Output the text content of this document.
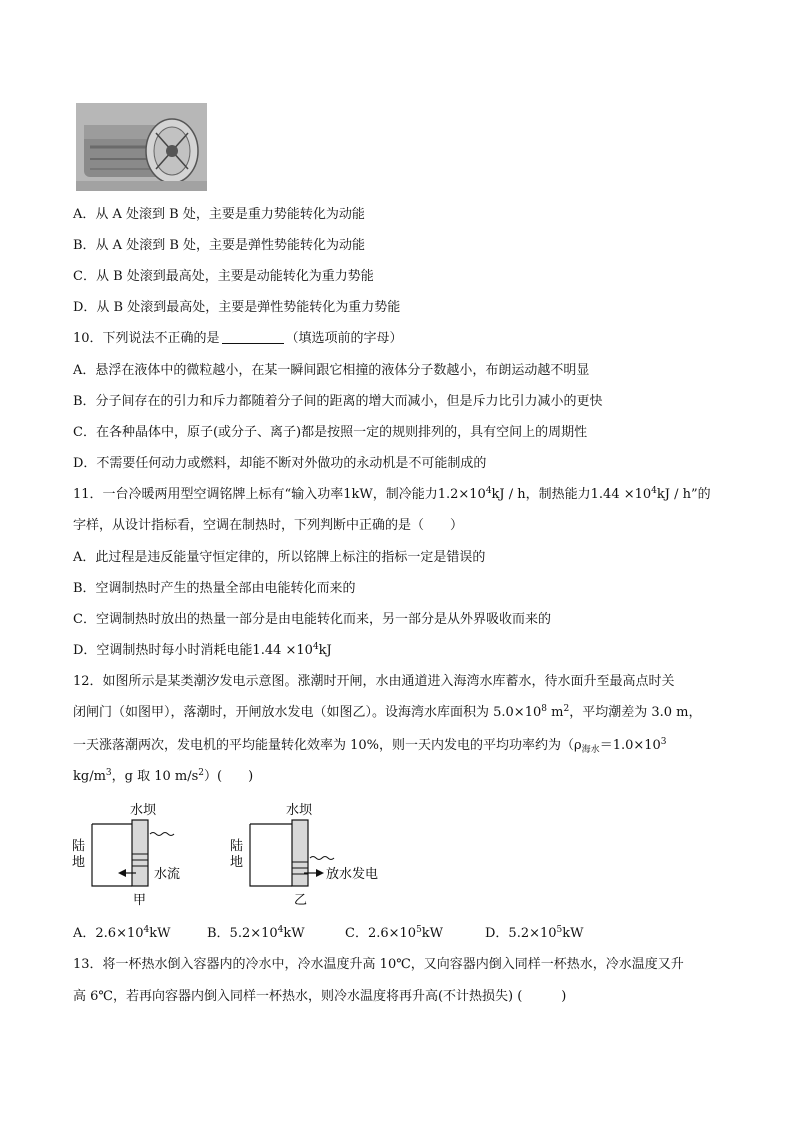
A．从 A 处滚到 B 处，主要是重力势能转化为动能
B．从 A 处滚到 B 处，主要是弹性势能转化为动能
C．从 B 处滚到最高处，主要是动能转化为重力势能
D．从 B 处滚到最高处，主要是弹性势能转化为重力势能
10．下列说法不正确的是	（填选项前的字母）
A．悬浮在液体中的微粒越小，在某一瞬间跟它相撞的液体分子数越小，布朗运动越不明显
B．分子间存在的引力和斥力都随着分子间的距离的增大而减小，但是斥力比引力减小的更快
C．在各种晶体中，原子(或分子、离子)都是按照一定的规则排列的，具有空间上的周期性
D．不需要任何动力或燃料，却能不断对外做功的永动机是不可能制成的
11．一台冷暖两用型空调铭牌上标有“输入功率1kW，制冷能力$1.2\times 10^4kJ / h$，制热能力$1.44 \times 10^4kJ / h$”的
字样，从设计指标看，空调在制热时，下列判断中正确的是（　　）
A．此过程是违反能量守恒定律的，所以铭牌上标注的指标一定是错误的
B．空调制热时产生的热量全部由电能转化而来的
C．空调制热时放出的热量一部分是由电能转化而来，另一部分是从外界吸收而来的
D．空调制热时每小时消耗电能$1.44 \times 10^4kJ$
12．如图所示是某类潮汐发电示意图。涨潮时开闸，水由通道进入海湾水库蓄水，待水面升至最高点时关
闭闸门（如图甲），落潮时，开闸放水发电（如图乙）。设海湾水库面积为 $5.0\times 10^8$ $m^2$，平均潮差为 3.0 m，
一天涨落潮两次，发电机的平均能量转化效率为 10%，则一天内发电的平均功率约为（$\rho_{海水}=1.0\times 10^3$
$kg/m^3$，g 取 10 $m/s^2$）(　　)
水坝
陆
地
水流
甲
水坝
陆
地
放水发电
乙
A．$2.6\times 10^4kW$	B．$5.2\times 10^4kW$	C．$2.6\times 10^5kW$	D．$5.2\times 10^5kW$
13．将一杯热水倒入容器内的冷水中，冷水温度升高 10℃，又向容器内倒入同样一杯热水，冷水温度又升
高 6℃，若再向容器内倒入同样一杯热水，则冷水温度将再升高(不计热损失) (　　　)
